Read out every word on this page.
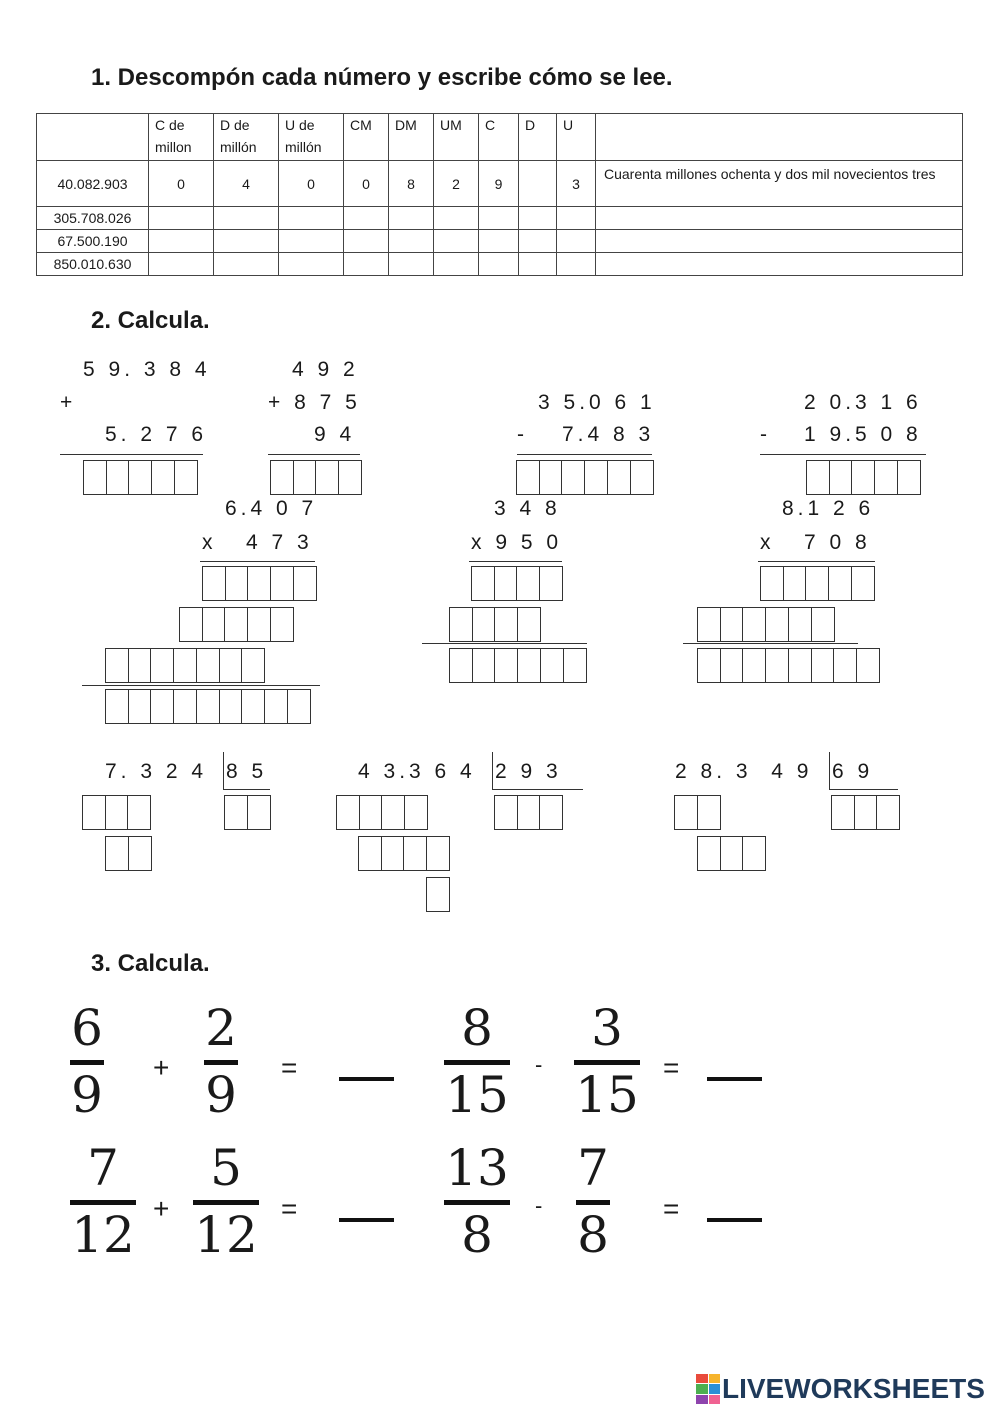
1. Descompón cada número y escribe cómo se lee.
	C de millon	D de millón	U de millón	CM	DM	UM	C	D	U	
40.082.903	0	4	0	0	8	2	9		3	Cuarenta millones ochenta y dos mil novecientos tres
305.708.026										
67.500.190										
850.010.630										
2. Calcula.
5 9. 3 8 4
+
5. 2 7 6
4 9 2
+ 8 7 5
9 4
3 5.0 6 1
- 7.4 8 3
2 0.3 1 6
- 1 9.5 0 8
6.4 0 7
x 4 7 3
3 4 8
x 9 5 0
8.1 2 6
x 7 0 8
7. 3 2 4 8 5	4 3.3 6 4 2 9 3	2 8. 3  4 9 6 9
3. Calcula.
6
9 +
2
9 =
8
15
-
3
15 =
7
12 +
5
12 =
13
8
-
7
8 =
LIVEWORKSHEETS
